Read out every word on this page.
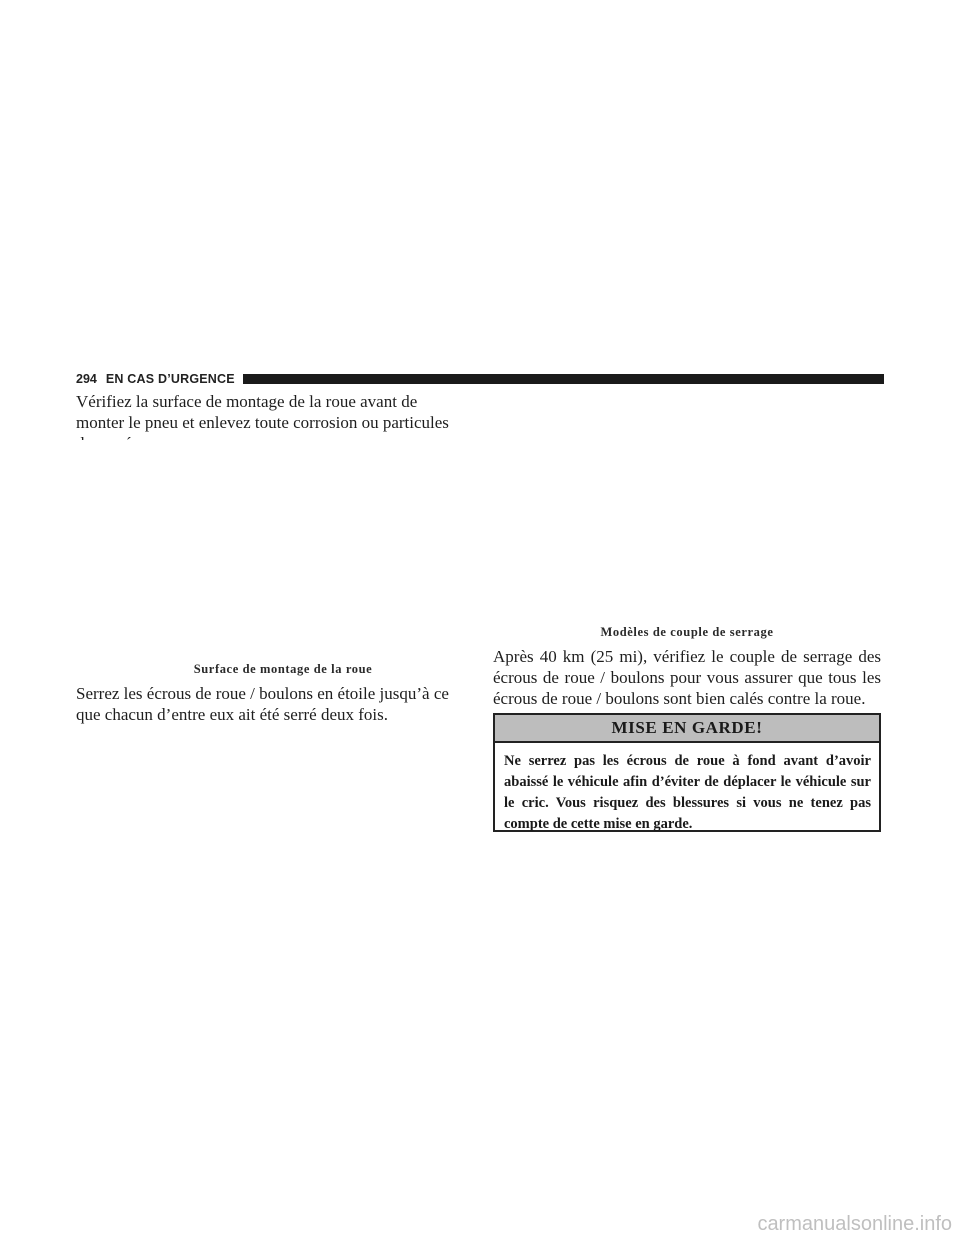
294 EN CAS D’URGENCE

Vérifiez la surface de montage de la roue avant de monter le pneu et enlevez toute corrosion ou particules

Surface de montage de la roue

Serrez les écrous de roue / boulons en étoile jusqu’à ce que chacun d’entre eux ait été serré deux fois.

Modèles de couple de serrage

Après 40 km (25 mi), vérifiez le couple de serrage des écrous de roue / boulons pour vous assurer que tous les écrous de roue / boulons sont bien calés contre la roue.

MISE EN GARDE!

Ne serrez pas les écrous de roue à fond avant d’avoir abaissé le véhicule afin d’éviter de déplacer le véhicule sur le cric. Vous risquez des blessures si vous ne tenez pas compte de cette mise en garde.

carmanualsonline.info
